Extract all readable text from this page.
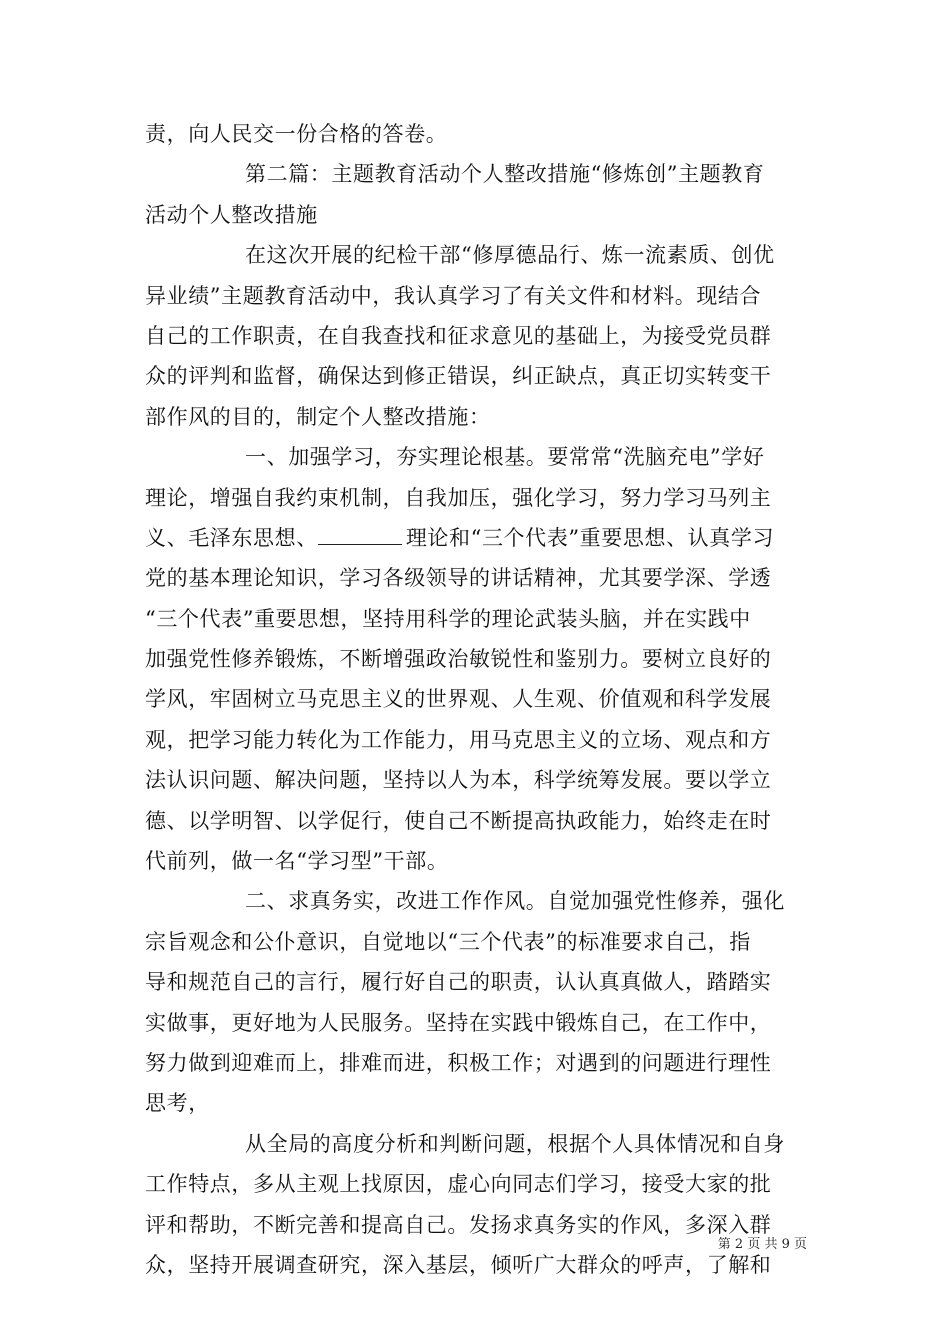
责，向人民交一份合格的答卷。
第二篇：主题教育活动个人整改措施“修炼创”主题教育
活动个人整改措施
在这次开展的纪检干部“修厚德品行、炼一流素质、创优
异业绩”主题教育活动中，我认真学习了有关文件和材料。现结合
自己的工作职责，在自我查找和征求意见的基础上，为接受党员群
众的评判和监督，确保达到修正错误，纠正缺点，真正切实转变干
部作风的目的，制定个人整改措施：
一、加强学习，夯实理论根基。要常常“洗脑充电”学好
理论，增强自我约束机制，自我加压，强化学习，努力学习马列主
义、毛泽东思想、	理论和“三个代表”重要思想、认真学习
党的基本理论知识，学习各级领导的讲话精神，尤其要学深、学透
“三个代表”重要思想，坚持用科学的理论武装头脑，并在实践中
加强党性修养锻炼，不断增强政治敏锐性和鉴别力。要树立良好的
学风，牢固树立马克思主义的世界观、人生观、价值观和科学发展
观，把学习能力转化为工作能力，用马克思主义的立场、观点和方
法认识问题、解决问题，坚持以人为本，科学统筹发展。要以学立
德、以学明智、以学促行，使自己不断提高执政能力，始终走在时
代前列，做一名“学习型”干部。
二、求真务实，改进工作作风。自觉加强党性修养，强化
宗旨观念和公仆意识，自觉地以“三个代表”的标准要求自己，指
导和规范自己的言行，履行好自己的职责，认认真真做人，踏踏实
实做事，更好地为人民服务。坚持在实践中锻炼自己，在工作中，
努力做到迎难而上，排难而进，积极工作；对遇到的问题进行理性
思考，
从全局的高度分析和判断问题，根据个人具体情况和自身
工作特点，多从主观上找原因，虚心向同志们学习，接受大家的批
评和帮助，不断完善和提高自己。发扬求真务实的作风，多深入群
众，坚持开展调查研究，深入基层，倾听广大群众的呼声，了解和
第 2 页 共 9 页
